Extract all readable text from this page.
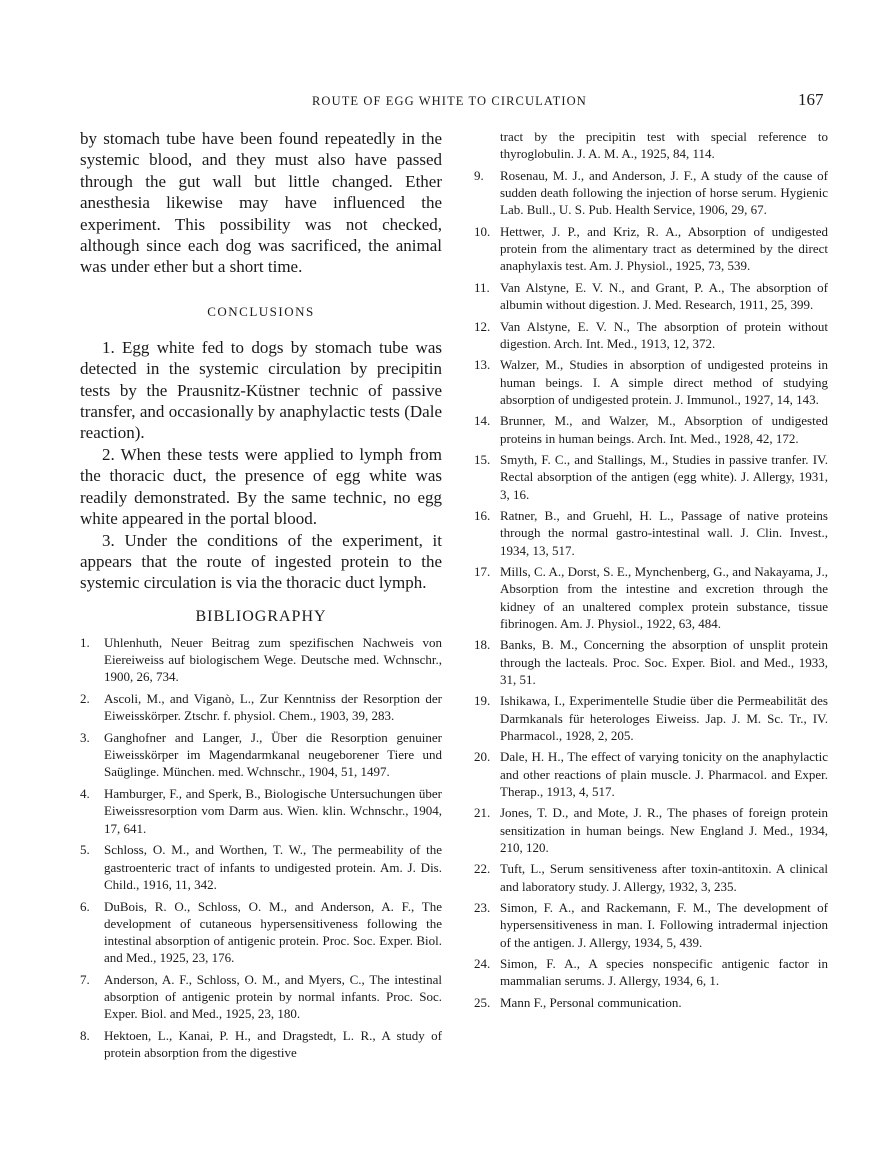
ROUTE OF EGG WHITE TO CIRCULATION	167

by stomach tube have been found repeatedly in the systemic blood, and they must also have passed through the gut wall but little changed. Ether anesthesia likewise may have influenced the experiment. This possibility was not checked, although since each dog was sacrificed, the animal was under ether but a short time.

CONCLUSIONS

1. Egg white fed to dogs by stomach tube was detected in the systemic circulation by precipitin tests by the Prausnitz-Küstner technic of passive transfer, and occasionally by anaphylactic tests (Dale reaction).

2. When these tests were applied to lymph from the thoracic duct, the presence of egg white was readily demonstrated. By the same technic, no egg white appeared in the portal blood.

3. Under the conditions of the experiment, it appears that the route of ingested protein to the systemic circulation is via the thoracic duct lymph.

BIBLIOGRAPHY
1.	Uhlenhuth, Neuer Beitrag zum spezifischen Nachweis von Eiereiweiss auf biologischem Wege. Deutsche med. Wchnschr., 1900, 26, 734.
2.	Ascoli, M., and Viganò, L., Zur Kenntniss der Resorption der Eiweisskörper. Ztschr. f. physiol. Chem., 1903, 39, 283.
3.	Ganghofner and Langer, J., Über die Resorption genuiner Eiweisskörper im Magendarmkanal neugeborener Tiere und Saüglinge. München. med. Wchnschr., 1904, 51, 1497.
4.	Hamburger, F., and Sperk, B., Biologische Untersuchungen über Eiweissresorption vom Darm aus. Wien. klin. Wchnschr., 1904, 17, 641.
5.	Schloss, O. M., and Worthen, T. W., The permeability of the gastroenteric tract of infants to undigested protein. Am. J. Dis. Child., 1916, 11, 342.
6.	DuBois, R. O., Schloss, O. M., and Anderson, A. F., The development of cutaneous hypersensitiveness following the intestinal absorption of antigenic protein. Proc. Soc. Exper. Biol. and Med., 1925, 23, 176.
7.	Anderson, A. F., Schloss, O. M., and Myers, C., The intestinal absorption of antigenic protein by normal infants. Proc. Soc. Exper. Biol. and Med., 1925, 23, 180.
8.	Hektoen, L., Kanai, P. H., and Dragstedt, L. R., A study of protein absorption from the digestive
tract by the precipitin test with special reference to thyroglobulin. J. A. M. A., 1925, 84, 114.
9.	Rosenau, M. J., and Anderson, J. F., A study of the cause of sudden death following the injection of horse serum. Hygienic Lab. Bull., U. S. Pub. Health Service, 1906, 29, 67.
10. Hettwer, J. P., and Kriz, R. A., Absorption of undigested protein from the alimentary tract as determined by the direct anaphylaxis test. Am. J. Physiol., 1925, 73, 539.
11. Van Alstyne, E. V. N., and Grant, P. A., The absorption of albumin without digestion. J. Med. Research, 1911, 25, 399.
12. Van Alstyne, E. V. N., The absorption of protein without digestion. Arch. Int. Med., 1913, 12, 372.
13. Walzer, M., Studies in absorption of undigested proteins in human beings. I. A simple direct method of studying absorption of undigested protein. J. Immunol., 1927, 14, 143.
14. Brunner, M., and Walzer, M., Absorption of undigested proteins in human beings. Arch. Int. Med., 1928, 42, 172.
15. Smyth, F. C., and Stallings, M., Studies in passive tranfer. IV. Rectal absorption of the antigen (egg white). J. Allergy, 1931, 3, 16.
16. Ratner, B., and Gruehl, H. L., Passage of native proteins through the normal gastro-intestinal wall. J. Clin. Invest., 1934, 13, 517.
17. Mills, C. A., Dorst, S. E., Mynchenberg, G., and Nakayama, J., Absorption from the intestine and excretion through the kidney of an unaltered complex protein substance, tissue fibrinogen. Am. J. Physiol., 1922, 63, 484.
18. Banks, B. M., Concerning the absorption of unsplit protein through the lacteals. Proc. Soc. Exper. Biol. and Med., 1933, 31, 51.
19. Ishikawa, I., Experimentelle Studie über die Permeabilität des Darmkanals für heterologes Eiweiss. Jap. J. M. Sc. Tr., IV. Pharmacol., 1928, 2, 205.
20. Dale, H. H., The effect of varying tonicity on the anaphylactic and other reactions of plain muscle. J. Pharmacol. and Exper. Therap., 1913, 4, 517.
21. Jones, T. D., and Mote, J. R., The phases of foreign protein sensitization in human beings. New England J. Med., 1934, 210, 120.
22. Tuft, L., Serum sensitiveness after toxin-antitoxin. A clinical and laboratory study. J. Allergy, 1932, 3, 235.
23. Simon, F. A., and Rackemann, F. M., The development of hypersensitiveness in man. I. Following intradermal injection of the antigen. J. Allergy, 1934, 5, 439.
24. Simon, F. A., A species nonspecific antigenic factor in mammalian serums. J. Allergy, 1934, 6, 1.
25. Mann F., Personal communication.
